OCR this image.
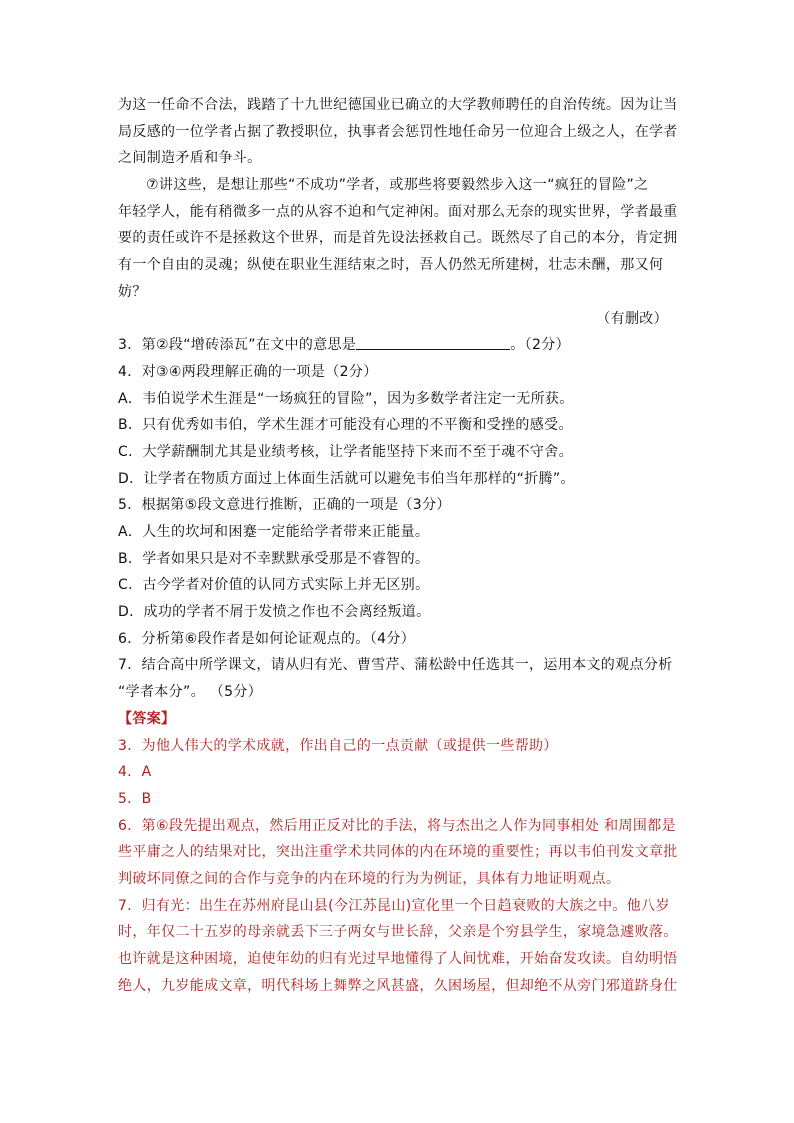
为这一任命不合法，践踏了十九世纪德国业已确立的大学教师聘任的自治传统。因为让当
局反感的一位学者占据了教授职位，执事者会惩罚性地任命另一位迎合上级之人，在学者
之间制造矛盾和争斗。
⑦讲这些，是想让那些“不成功”学者，或那些将要毅然步入这一“疯狂的冒险”之
年轻学人，能有稍微多一点的从容不迫和气定神闲。面对那么无奈的现实世界，学者最重
要的责任或许不是拯救这个世界，而是首先设法拯救自己。既然尽了自己的本分，肯定拥
有一个自由的灵魂；纵使在职业生涯结束之时，吾人仍然无所建树，壮志未酬，那又何
妨？
（有删改）
3．第②段“增砖添瓦”在文中的意思是	。（2分）
4．对③④两段理解正确的一项是（2分）
A．韦伯说学术生涯是“一场疯狂的冒险”，因为多数学者注定一无所获。
B．只有优秀如韦伯，学术生涯才可能没有心理的不平衡和受挫的感受。
C．大学薪酬制尤其是业绩考核，让学者能坚持下来而不至于魂不守舍。
D．让学者在物质方面过上体面生活就可以避免韦伯当年那样的“折腾”。
5．根据第⑤段文意进行推断，正确的一项是（3分）
A．人生的坎坷和困蹇一定能给学者带来正能量。
B．学者如果只是对不幸默默承受那是不睿智的。
C．古今学者对价值的认同方式实际上并无区别。
D．成功的学者不屑于发愤之作也不会离经叛道。
6．分析第⑥段作者是如何论证观点的。（4分）
7．结合高中所学课文，请从归有光、曹雪芹、蒲松龄中任选其一，运用本文的观点分析
“学者本分”。 （5分）
【答案】
3．为他人伟大的学术成就，作出自己的一点贡献（或提供一些帮助）
4．A
5．B
6．第⑥段先提出观点，然后用正反对比的手法，将与杰出之人作为同事相处 和周围都是
些平庸之人的结果对比，突出注重学术共同体的内在环境的重要性；再以韦伯刊发文章批
判破坏同僚之间的合作与竞争的内在环境的行为为例证，具体有力地证明观点。
7．归有光：出生在苏州府昆山县(今江苏昆山)宣化里一个日趋衰败的大族之中。他八岁
时，年仅二十五岁的母亲就丢下三子两女与世长辞，父亲是个穷县学生，家境急遽败落。
也许就是这种困境，迫使年幼的归有光过早地懂得了人间忧难，开始奋发攻读。自幼明悟
绝人，九岁能成文章，明代科场上舞弊之风甚盛，久困场屋，但却绝不从旁门邪道跻身仕
